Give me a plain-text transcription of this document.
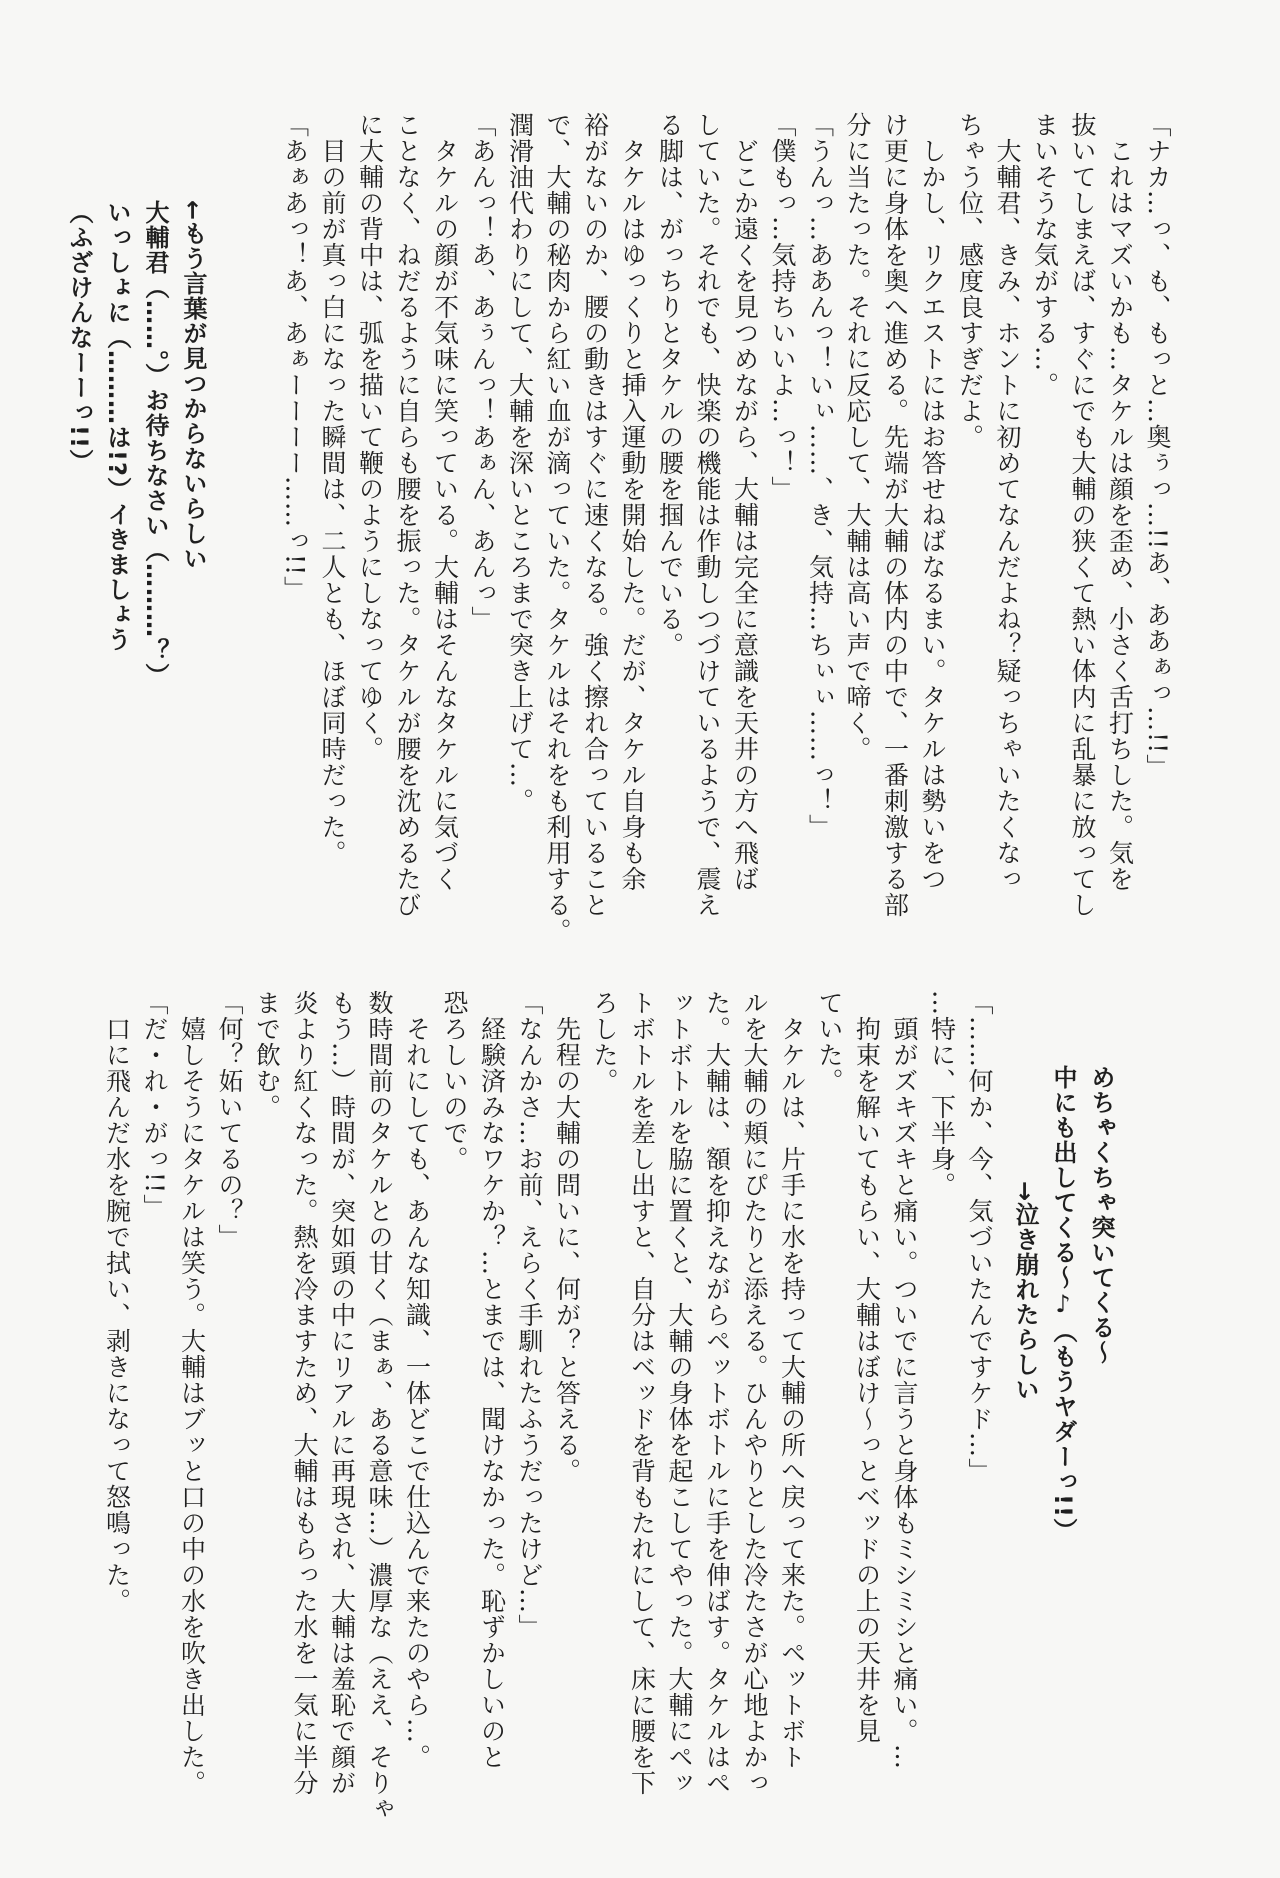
「ナカ…っ、も、もっと…奥ぅっ…!!あ、ああぁっ…!!」

　これはマズいかも…タケルは顔を歪め、小さく舌打ちした。気を

抜いてしまえば、すぐにでも大輔の狭くて熱い体内に乱暴に放ってし

まいそうな気がする…。

　大輔君、きみ、ホントに初めてなんだよね？疑っちゃいたくなっ

ちゃう位、感度良すぎだよ。

　しかし、リクエストにはお答せねばなるまい。タケルは勢いをつ

け更に身体を奥へ進める。先端が大輔の体内の中で、一番刺激する部

分に当たった。それに反応して、大輔は高い声で啼く。

「うんっ…ああんっ！いぃ……、き、気持…ちぃぃ……っ！」

「僕もっ…気持ちいいよ…っ！」

　どこか遠くを見つめながら、大輔は完全に意識を天井の方へ飛ば

していた。それでも、快楽の機能は作動しつづけているようで、震え

る脚は、がっちりとタケルの腰を掴んでいる。

　タケルはゆっくりと挿入運動を開始した。だが、タケル自身も余

裕がないのか、腰の動きはすぐに速くなる。強く擦れ合っていること

で、大輔の秘肉から紅い血が滴っていた。タケルはそれをも利用する。

潤滑油代わりにして、大輔を深いところまで突き上げて…。

「あんっ！あ、あぅんっ！あぁん、あんっ」

　タケルの顔が不気味に笑っている。大輔はそんなタケルに気づく

ことなく、ねだるように自らも腰を振った。タケルが腰を沈めるたび

に大輔の背中は、弧を描いて鞭のようにしなってゆく。

　目の前が真っ白になった瞬間は、二人とも、ほぼ同時だった。

「あぁあっ！あ、あぁーーーー……っ!!」

←もう言葉が見つからないらしい

大輔君（……。）お待ちなさい（………？）

いっしょに（………は!?）イきましょう

（ふざけんなーーっ!!）

「……何か、今、気づいたんですケド…」

…特に、下半身。

　頭がズキズキと痛い。ついでに言うと身体もミシミシと痛い。…

　拘束を解いてもらい、大輔はぼけ〜っとベッドの上の天井を見

ていた。

　タケルは、片手に水を持って大輔の所へ戻って来た。ペットボト

ルを大輔の頬にぴたりと添える。ひんやりとした冷たさが心地よかっ

た。大輔は、額を抑えながらペットボトルに手を伸ばす。タケルはペ

ットボトルを脇に置くと、大輔の身体を起こしてやった。大輔にペッ

トボトルを差し出すと、自分はベッドを背もたれにして、床に腰を下

ろした。

　先程の大輔の問いに、何が？と答える。

「なんかさ…お前、えらく手馴れたふうだったけど…」

　経験済みなワケか？…とまでは、聞けなかった。恥ずかしいのと

恐ろしいので。

　それにしても、あんな知識、一体どこで仕込んで来たのやら…。

数時間前のタケルとの甘く（まぁ、ある意味…）濃厚な（ええ、そりゃ

もう…）時間が、突如頭の中にリアルに再現され、大輔は羞恥で顔が

炎より紅くなった。熱を冷ますため、大輔はもらった水を一気に半分

まで飲む。

「何？妬いてるの？」

　嬉しそうにタケルは笑う。大輔はブッと口の中の水を吹き出した。

「だ・れ・がっ!!」

　口に飛んだ水を腕で拭い、剥きになって怒鳴った。	めちゃくちゃ突いてくる〜

中にも出してくる〜♪（もうヤダーっ!!）

→泣き崩れたらしい
